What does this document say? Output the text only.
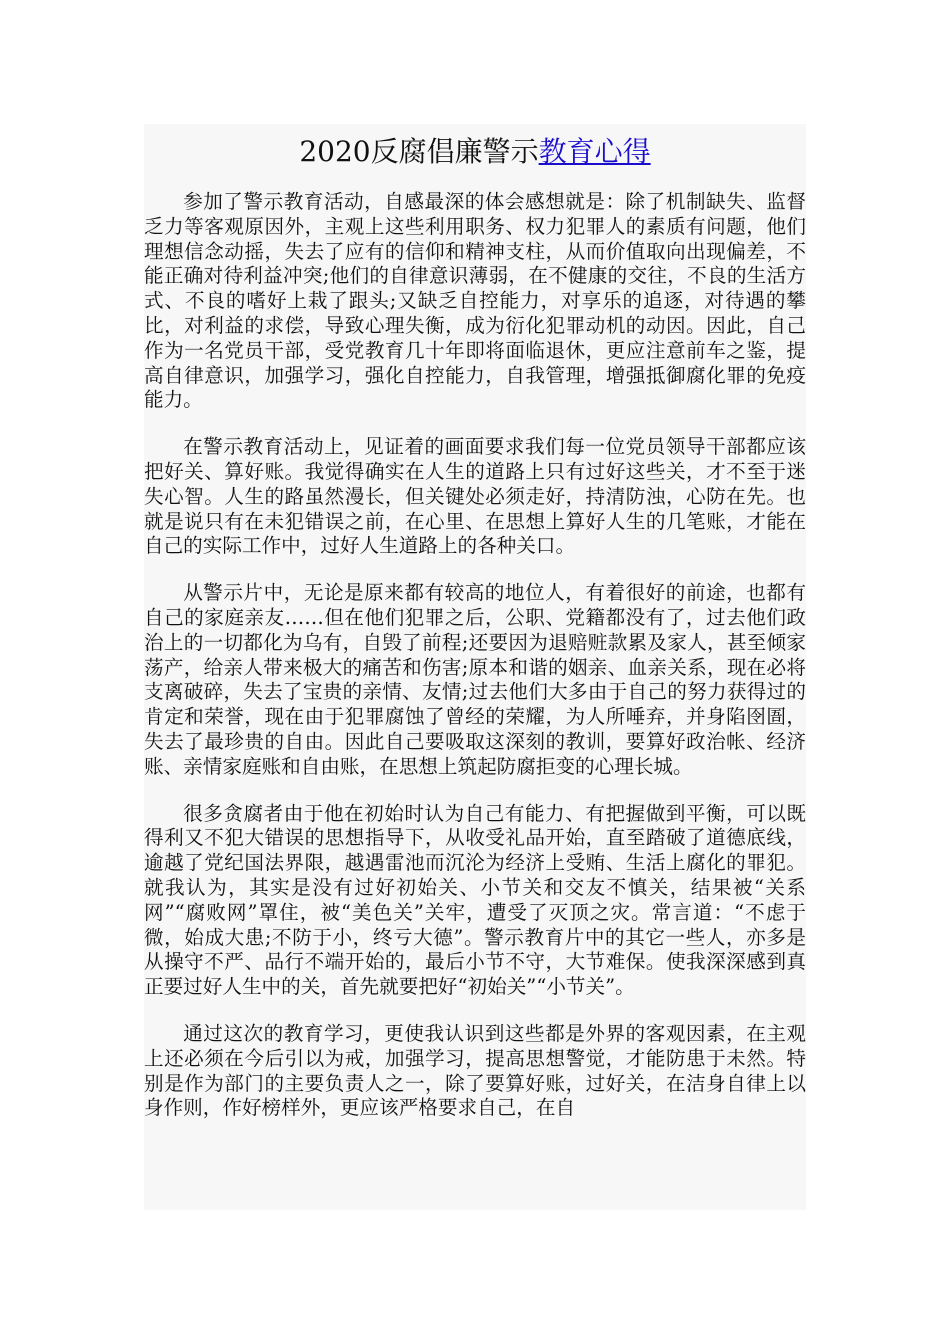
2020反腐倡廉警示教育心得

参加了警示教育活动，自感最深的体会感想就是：除了机制缺失、监督乏力等客观原因外，主观上这些利用职务、权力犯罪人的素质有问题，他们理想信念动摇，失去了应有的信仰和精神支柱，从而价值取向出现偏差，不能正确对待利益冲突;他们的自律意识薄弱，在不健康的交往，不良的生活方式、不良的嗜好上栽了跟头;又缺乏自控能力，对享乐的追逐，对待遇的攀比，对利益的求偿，导致心理失衡，成为衍化犯罪动机的动因。因此，自己作为一名党员干部，受党教育几十年即将面临退休，更应注意前车之鉴，提高自律意识，加强学习，强化自控能力，自我管理，增强抵御腐化罪的免疫能力。

在警示教育活动上，见证着的画面要求我们每一位党员领导干部都应该把好关、算好账。我觉得确实在人生的道路上只有过好这些关，才不至于迷失心智。人生的路虽然漫长，但关键处必须走好，持清防浊，心防在先。也就是说只有在未犯错误之前，在心里、在思想上算好人生的几笔账，才能在自己的实际工作中，过好人生道路上的各种关口。

从警示片中，无论是原来都有较高的地位人，有着很好的前途，也都有自己的家庭亲友……但在他们犯罪之后，公职、党籍都没有了，过去他们政治上的一切都化为乌有，自毁了前程;还要因为退赔赃款累及家人，甚至倾家荡产，给亲人带来极大的痛苦和伤害;原本和谐的姻亲、血亲关系，现在必将支离破碎，失去了宝贵的亲情、友情;过去他们大多由于自己的努力获得过的肯定和荣誉，现在由于犯罪腐蚀了曾经的荣耀，为人所唾弃，并身陷囹圄，失去了最珍贵的自由。因此自己要吸取这深刻的教训，要算好政治帐、经济账、亲情家庭账和自由账，在思想上筑起防腐拒变的心理长城。

很多贪腐者由于他在初始时认为自己有能力、有把握做到平衡，可以既得利又不犯大错误的思想指导下，从收受礼品开始，直至踏破了道德底线，逾越了党纪国法界限，越遇雷池而沉沦为经济上受贿、生活上腐化的罪犯。就我认为，其实是没有过好初始关、小节关和交友不慎关，结果被“关系网”“腐败网”罩住，被“美色关”关牢，遭受了灭顶之灾。常言道：“不虑于微，始成大患;不防于小，终亏大德”。警示教育片中的其它一些人，亦多是从操守不严、品行不端开始的，最后小节不守，大节难保。使我深深感到真正要过好人生中的关，首先就要把好“初始关”“小节关”。

通过这次的教育学习，更使我认识到这些都是外界的客观因素，在主观上还必须在今后引以为戒，加强学习，提高思想警觉，才能防患于未然。特别是作为部门的主要负责人之一，除了要算好账，过好关，在洁身自律上以身作则，作好榜样外，更应该严格要求自己，在自
